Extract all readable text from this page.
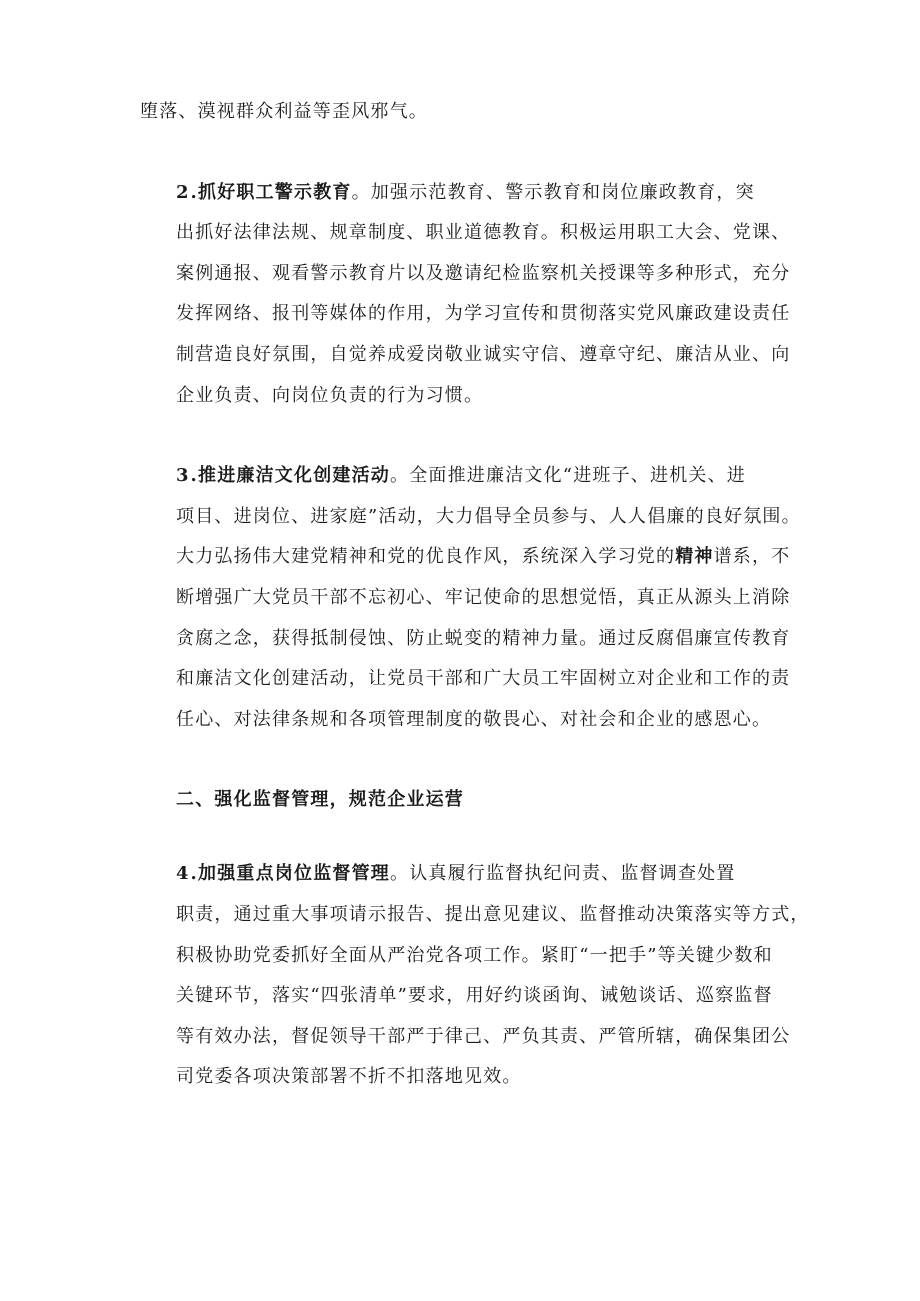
堕落、漠视群众利益等歪风邪气。

2.抓好职工警示教育。加强示范教育、警示教育和岗位廉政教育，突
出抓好法律法规、规章制度、职业道德教育。积极运用职工大会、党课、
案例通报、观看警示教育片以及邀请纪检监察机关授课等多种形式，充分
发挥网络、报刊等媒体的作用，为学习宣传和贯彻落实党风廉政建设责任
制营造良好氛围，自觉养成爱岗敬业诚实守信、遵章守纪、廉洁从业、向
企业负责、向岗位负责的行为习惯。

3.推进廉洁文化创建活动。全面推进廉洁文化“进班子、进机关、进
项目、进岗位、进家庭”活动，大力倡导全员参与、人人倡廉的良好氛围。
大力弘扬伟大建党精神和党的优良作风，系统深入学习党的精神谱系，不
断增强广大党员干部不忘初心、牢记使命的思想觉悟，真正从源头上消除
贪腐之念，获得抵制侵蚀、防止蜕变的精神力量。通过反腐倡廉宣传教育
和廉洁文化创建活动，让党员干部和广大员工牢固树立对企业和工作的责
任心、对法律条规和各项管理制度的敬畏心、对社会和企业的感恩心。

二、强化监督管理，规范企业运营

4.加强重点岗位监督管理。认真履行监督执纪问责、监督调查处置
职责，通过重大事项请示报告、提出意见建议、监督推动决策落实等方式，
积极协助党委抓好全面从严治党各项工作。紧盯“一把手”等关键少数和
关键环节，落实“四张清单”要求，用好约谈函询、诫勉谈话、巡察监督
等有效办法，督促领导干部严于律己、严负其责、严管所辖，确保集团公
司党委各项决策部署不折不扣落地见效。
